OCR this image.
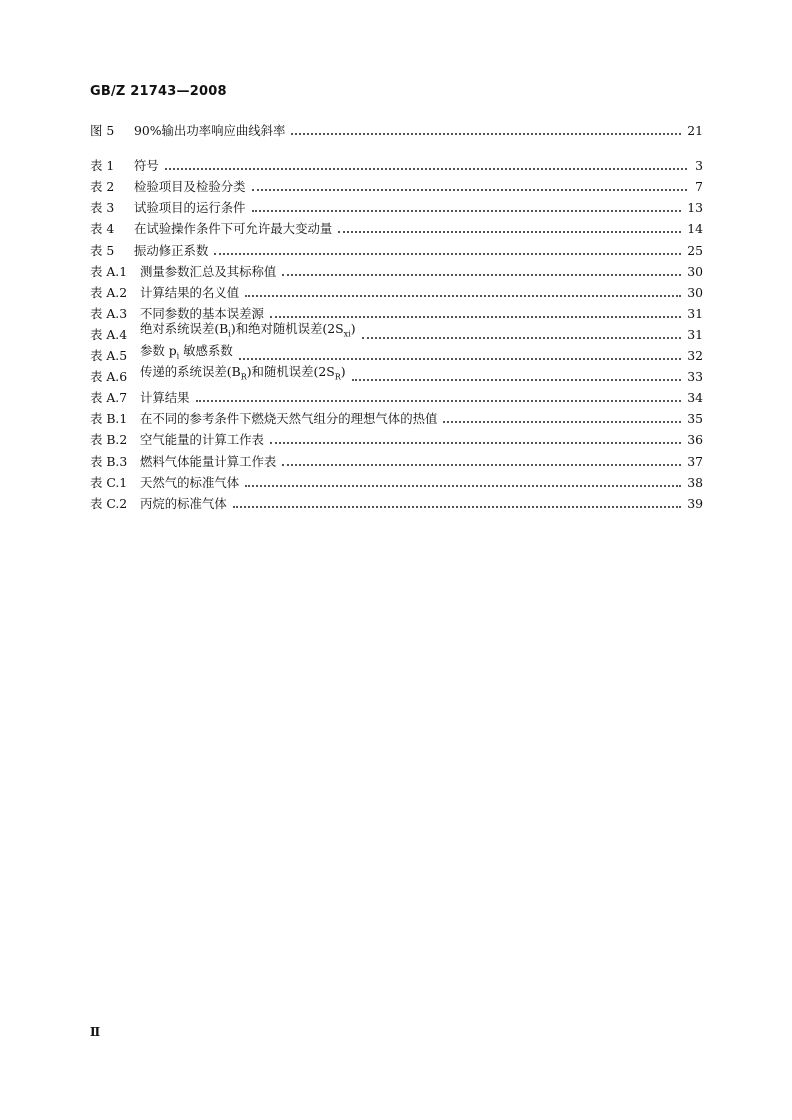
GB/Z 21743—2008
图 5	90%输出功率响应曲线斜率	21
表 1	符号	3
表 2	检验项目及检验分类	7
表 3	试验项目的运行条件	13
表 4	在试验操作条件下可允许最大变动量	14
表 5	振动修正系数	25
表 A.1	测量参数汇总及其标称值	30
表 A.2	计算结果的名义值	30
表 A.3	不同参数的基本误差源	31
表 A.4	绝对系统误差$(B_i)$和绝对随机误差$(2S_{xi})$	31
表 A.5	参数 $p_i$ 敏感系数	32
表 A.6	传递的系统误差$(B_R)$和随机误差$(2S_R)$	33
表 A.7	计算结果	34
表 B.1	在不同的参考条件下燃烧天然气组分的理想气体的热值	35
表 B.2	空气能量的计算工作表	36
表 B.3	燃料气体能量计算工作表	37
表 C.1	天然气的标准气体	38
表 C.2	丙烷的标准气体	39
Ⅱ
